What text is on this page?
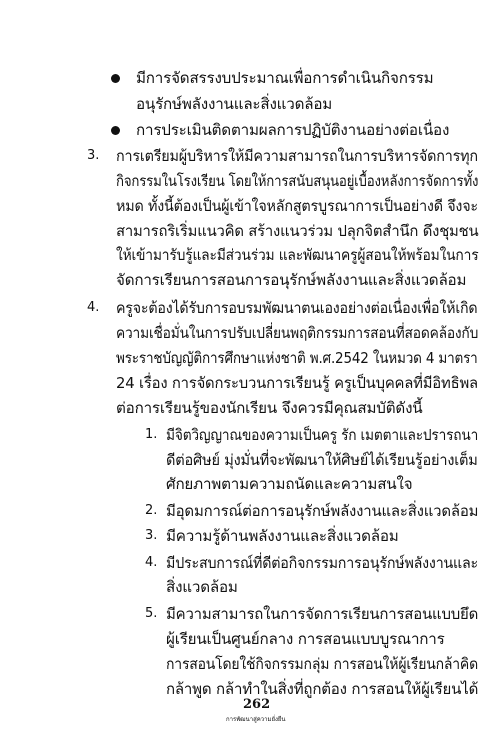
มีการจัดสรรงบประมาณเพื่อการดำเนินกิจกรรม
อนุรักษ์พลังงานและสิ่งแวดล้อม
การประเมินติดตามผลการปฏิบัติงานอย่างต่อเนื่อง
3. การเตรียมผู้บริหารให้มีความสามารถในการบริหารจัดการทุก
กิจกรรมในโรงเรียน โดยให้การสนับสนุนอยู่เบื้องหลังการจัดการทั้ง
หมด ทั้งนี้ต้องเป็นผู้เข้าใจหลักสูตรบูรณาการเป็นอย่างดี จึงจะ
สามารถริเริ่มแนวคิด สร้างแนวร่วม ปลุกจิตสำนึก ดึงชุมชน
ให้เข้ามารับรู้และมีส่วนร่วม และพัฒนาครูผู้สอนให้พร้อมในการ
จัดการเรียนการสอนการอนุรักษ์พลังงานและสิ่งแวดล้อม
4. ครูจะต้องได้รับการอบรมพัฒนาตนเองอย่างต่อเนื่องเพื่อให้เกิด
ความเชื่อมั่นในการปรับเปลี่ยนพฤติกรรมการสอนที่สอดคล้องกับ
พระราชบัญญัติการศึกษาแห่งชาติ พ.ศ.2542 ในหมวด 4 มาตรา
24 เรื่อง การจัดกระบวนการเรียนรู้ ครูเป็นบุคคลที่มีอิทธิพล
ต่อการเรียนรู้ของนักเรียน จึงควรมีคุณสมบัติดังนี้
1. มีจิตวิญญาณของความเป็นครู รัก เมตตาและปรารถนา
ดีต่อศิษย์ มุ่งมั่นที่จะพัฒนาให้ศิษย์ได้เรียนรู้อย่างเต็ม
ศักยภาพตามความถนัดและความสนใจ
2. มีอุดมการณ์ต่อการอนุรักษ์พลังงานและสิ่งแวดล้อม
3. มีความรู้ด้านพลังงานและสิ่งแวดล้อม
4. มีประสบการณ์ที่ดีต่อกิจกรรมการอนุรักษ์พลังงานและ
สิ่งแวดล้อม
5. มีความสามารถในการจัดการเรียนการสอนแบบยึด
ผู้เรียนเป็นศูนย์กลาง การสอนแบบบูรณาการ
การสอนโดยใช้กิจกรรมกลุ่ม การสอนให้ผู้เรียนกล้าคิด
กล้าพูด กล้าทำในสิ่งที่ถูกต้อง การสอนให้ผู้เรียนได้
262
การพัฒนาสู่ความยั่งยืน
